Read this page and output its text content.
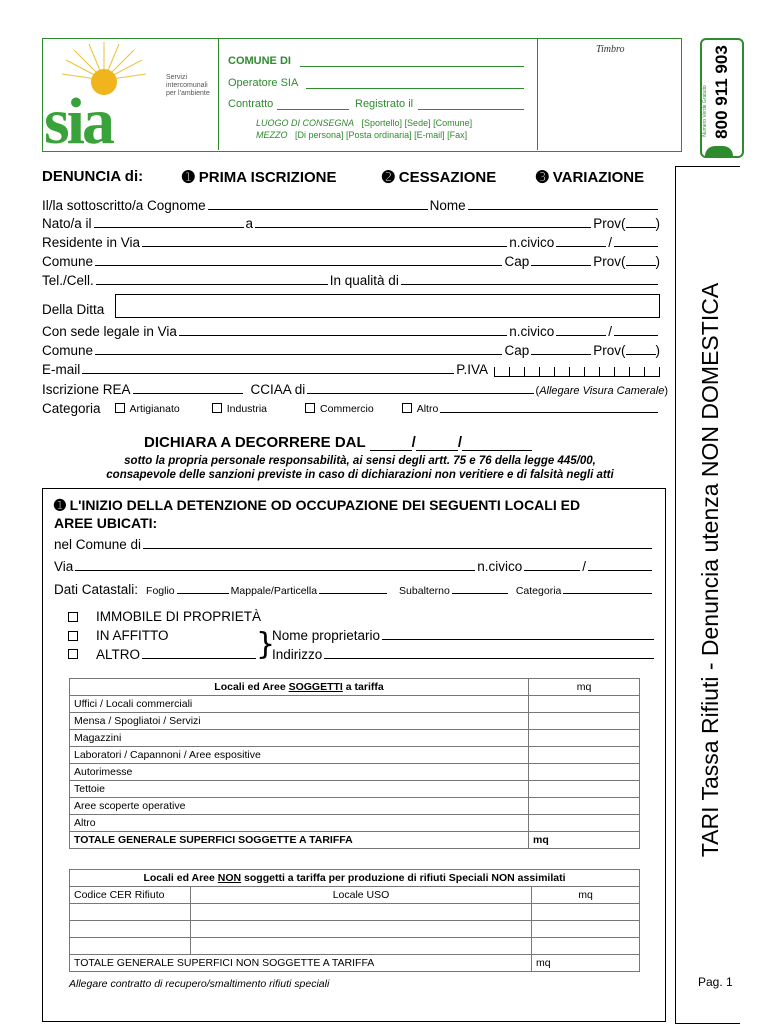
sia
Servizi intercomunali per l'ambiente
COMUNE DI
Operatore SIA
Contratto	Registrato il
LUOGO DI CONSEGNA [Sportello] [Sede] [Comune]
MEZZO [Di persona] [Posta ordinaria] [E-mail] [Fax]
Timbro	800 911 903
Numero Verde Gratuito
TARI Tassa Rifiuti - Denuncia utenza NON DOMESTICA
Pag. 1
DENUNCIA di:	➊ PRIMA ISCRIZIONE	➋ CESSAZIONE	➌ VARIAZIONE
Il/la sottoscritto/a Cognome	Nome
Nato/a il	a	Prov( )
Residente in Via	n.civico	/
Comune	Cap	Prov( )
Tel./Cell.	In qualità di
Della Ditta
Con sede legale in Via	n.civico	/
Comune	Cap	Prov( )
E-mail	P.IVA
Iscrizione REA	CCIAA di	(Allegare Visura Camerale)
Categoria	Artigianato	Industria	Commercio	Altro
DICHIARA A DECORRERE DAL	/	/
sotto la propria personale responsabilità, ai sensi degli artt. 75 e 76 della legge 445/00,
consapevole delle sanzioni previste in caso di dichiarazioni non veritiere e di falsità negli atti
➊ L'INIZIO DELLA DETENZIONE OD OCCUPAZIONE DEI SEGUENTI LOCALI ED
AREE UBICATI:
nel Comune di
Via	n.civico	/
Dati Catastali: Foglio	Mappale/Particella	Subalterno	Categoria
IMMOBILE DI PROPRIETÀ
IN AFFITTO
ALTRO	}
Nome proprietario
Indirizzo
Locali ed Aree SOGGETTI a tariffa	mq
Uffici / Locali commerciali	
Mensa / Spogliatoi / Servizi	
Magazzini	
Laboratori / Capannoni / Aree espositive	
Autorimesse	
Tettoie	
Aree scoperte operative	
Altro	
TOTALE GENERALE SUPERFICI SOGGETTE A TARIFFA	mq
Locali ed Aree NON soggetti a tariffa per produzione di rifiuti Speciali NON assimilati		
Codice CER Rifiuto	Locale USO	mq

TOTALE GENERALE SUPERFICI NON SOGGETTE A TARIFFA		mq
Allegare contratto di recupero/smaltimento rifiuti speciali
